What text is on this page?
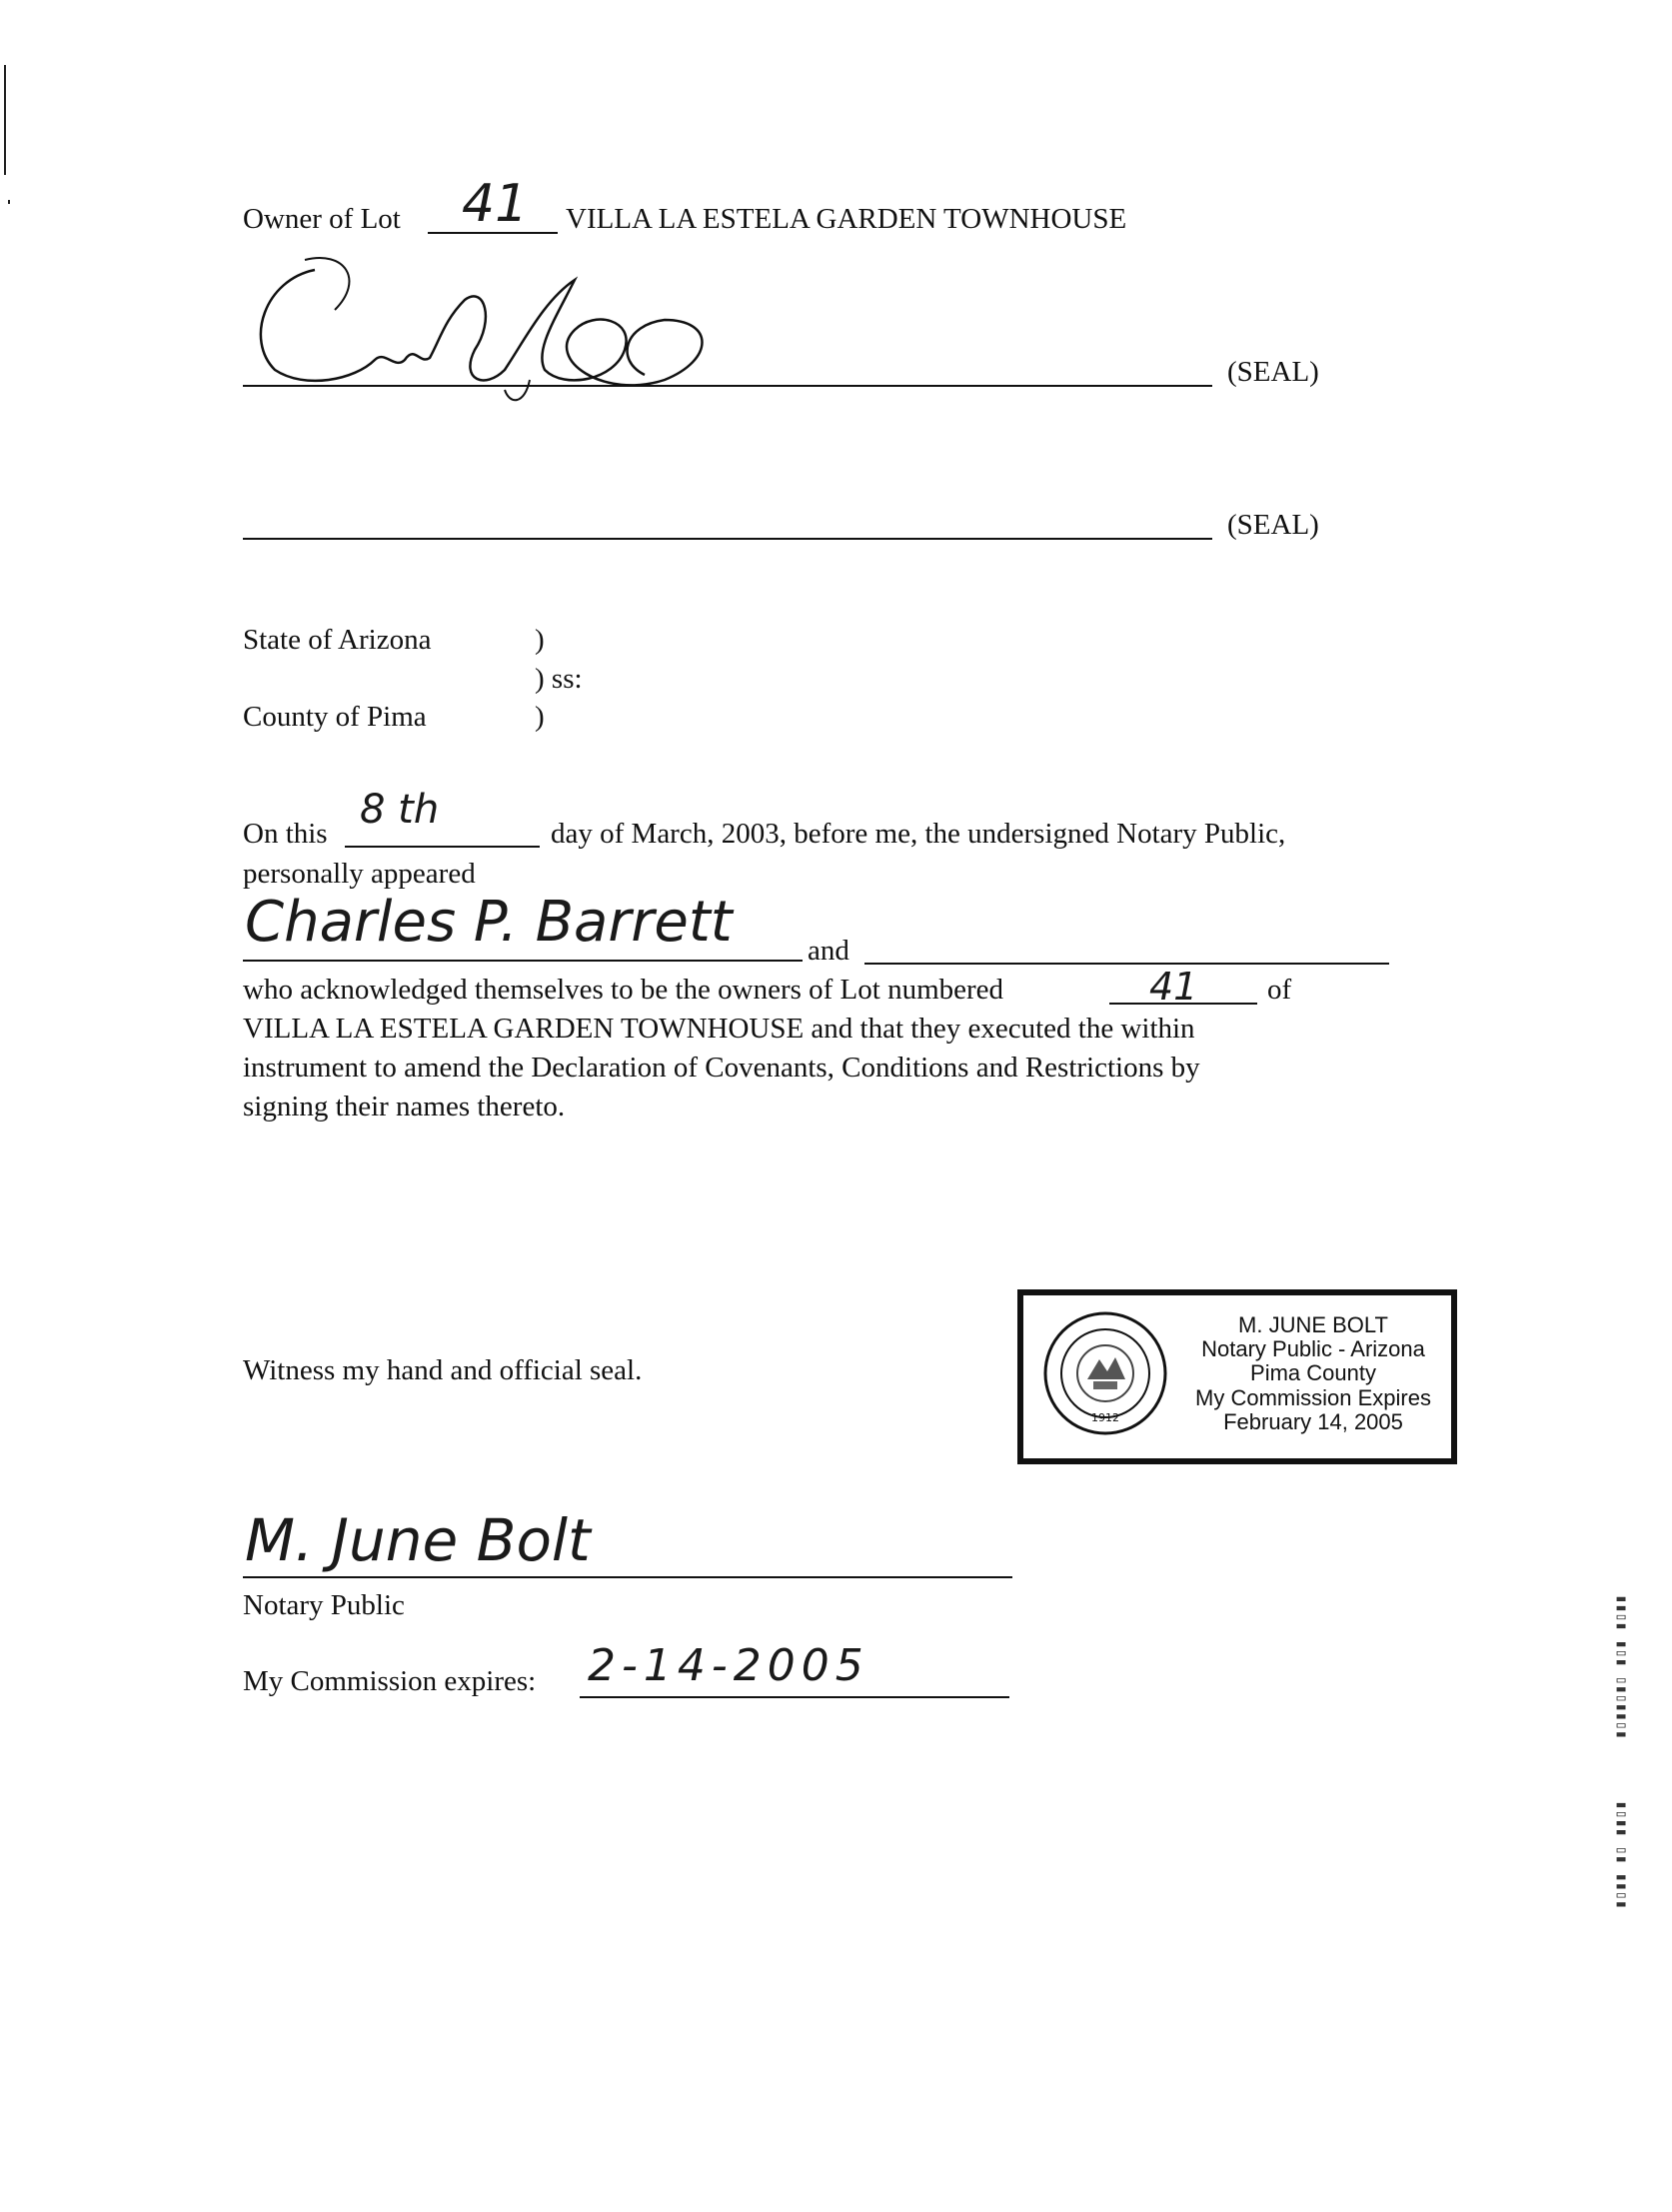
Owner of Lot 41 VILLA LA ESTELA GARDEN TOWNHOUSE
(SEAL)
(SEAL)
State of Arizona	)
) ss:
County of Pima	)
On this
8 th
day of March, 2003, before me, the undersigned Notary Public,
personally appeared
Charles P. Barrett	and
who acknowledged themselves to be the owners of Lot numbered	41 of
VILLA LA ESTELA GARDEN TOWNHOUSE and that they executed the within
instrument to amend the Declaration of Covenants, Conditions and Restrictions by
signing their names thereto.
Witness my hand and official seal.
1912
M. JUNE BOLT
Notary Public - Arizona
Pima County
My Commission Expires
February 14, 2005
M. June Bolt
Notary Public
My Commission expires: 2-14-2005	▮▯▮▮▯▮▯ ▮▯▮ ▮▯▮▮
▮▯▮▮ ▮▯ ▮▮▯▮
